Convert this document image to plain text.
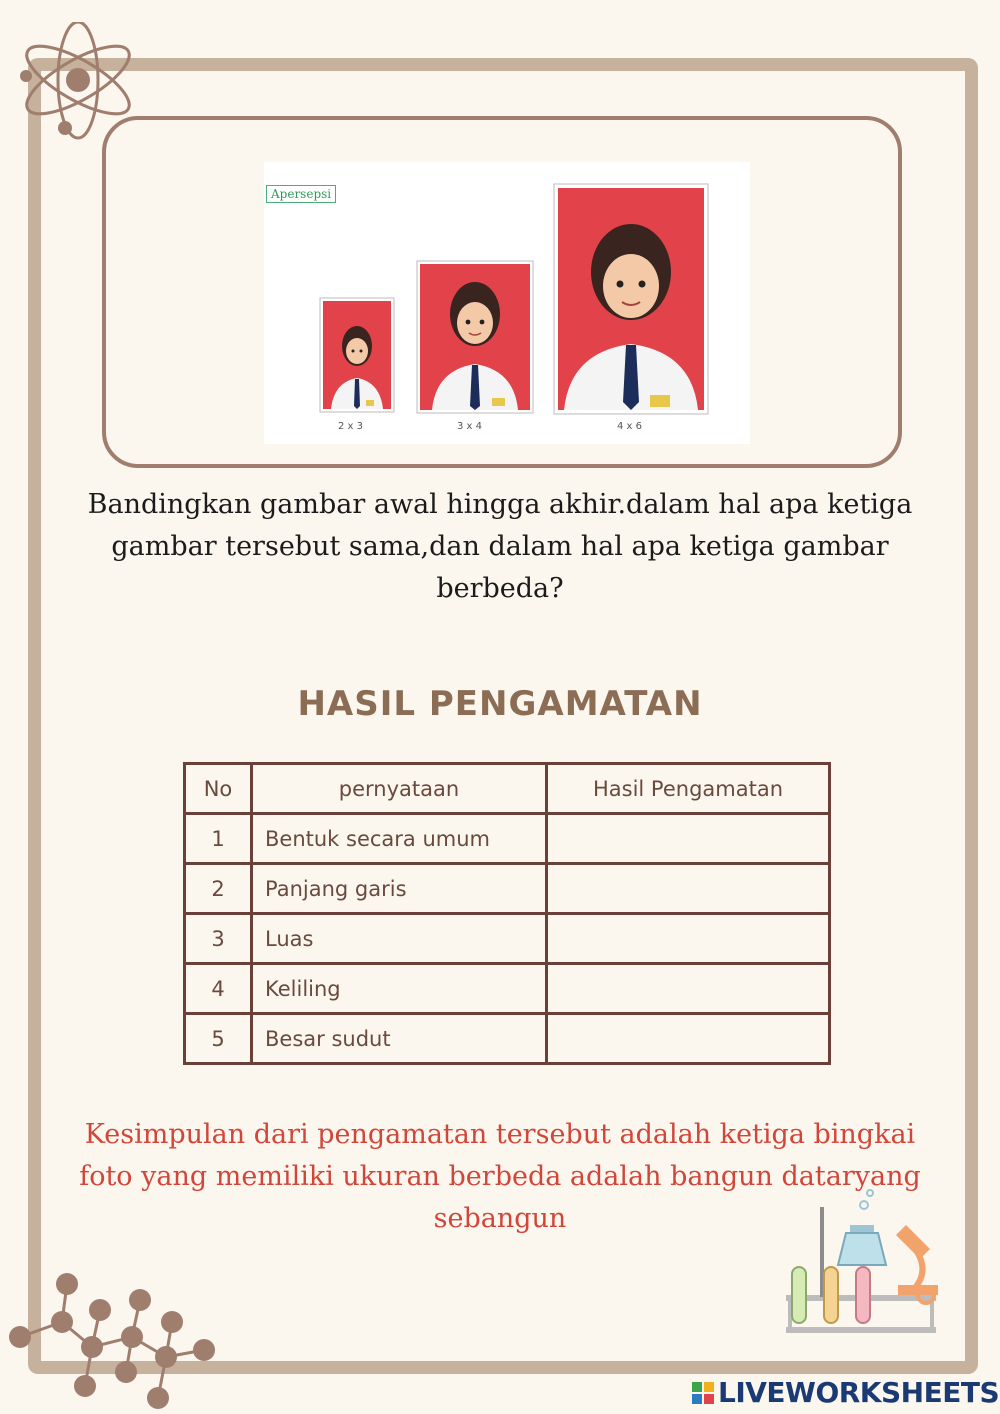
Apersepsi
2 x 3	3 x 4	4 x 6
Bandingkan gambar awal hingga akhir.dalam hal apa ketiga gambar tersebut sama,dan dalam hal apa ketiga gambar berbeda?
HASIL PENGAMATAN
No	pernyataan	Hasil Pengamatan
1	Bentuk secara umum	
2	Panjang garis	
3	Luas	
4	Keliling	
5	Besar sudut	
Kesimpulan dari pengamatan tersebut adalah ketiga bingkai foto yang memiliki ukuran berbeda adalah bangun dataryang sebangun
LIVEWORKSHEETS
